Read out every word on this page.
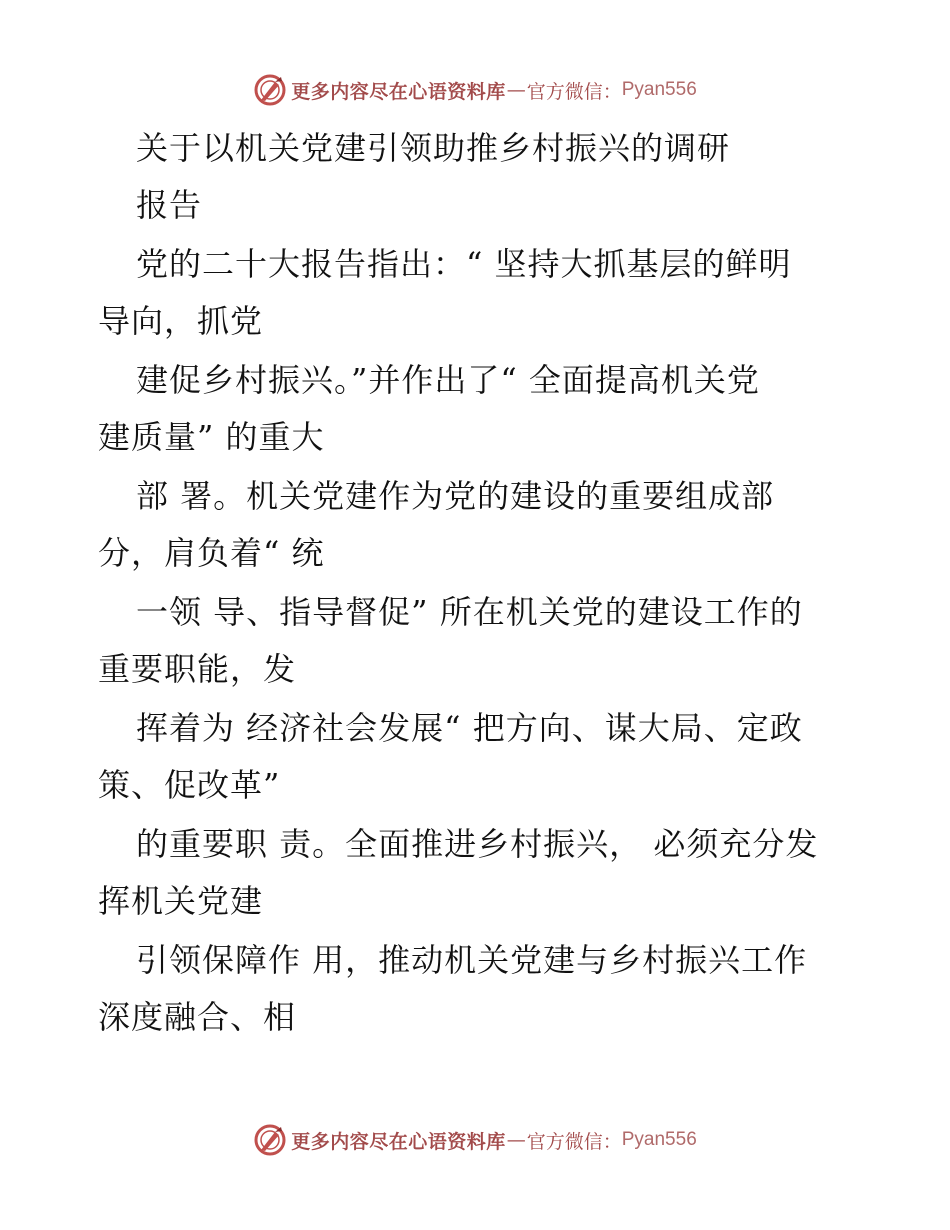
更多内容尽在心语资料库 — 官方微信： Pyan556
关于以机关党建引领助推乡村振兴的调研
报告
党的二十大报告指出：“ 坚持大抓基层的鲜明
导向，抓党
建促乡村振兴。”并作出了“ 全面提高机关党
建质量” 的重大
部 署。机关党建作为党的建设的重要组成部
分，肩负着“ 统
一领 导、指导督促” 所在机关党的建设工作的
重要职能，发
挥着为 经济社会发展“ 把方向、谋大局、定政
策、促改革”
的重要职 责。全面推进乡村振兴， 必须充分发
挥机关党建
引领保障作 用，推动机关党建与乡村振兴工作
深度融合、相
更多内容尽在心语资料库 — 官方微信： Pyan556
